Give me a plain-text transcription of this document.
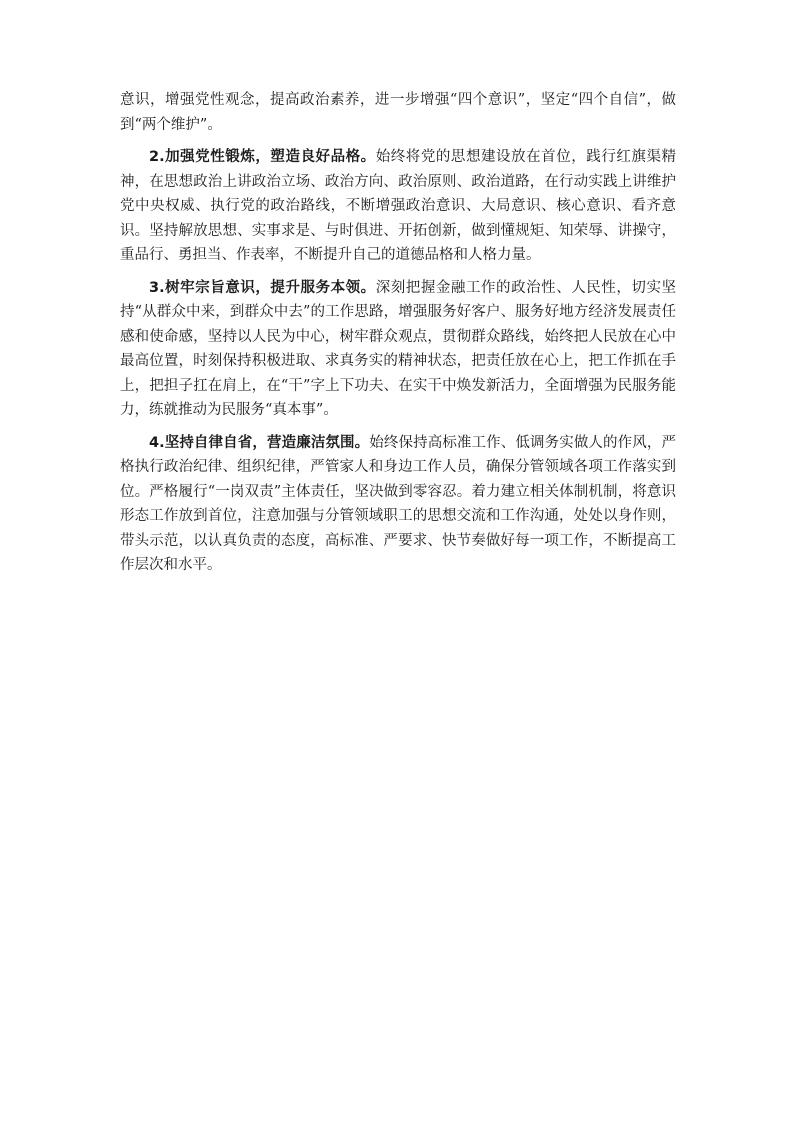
意识，增强党性观念，提高政治素养，进一步增强“四个意识”，坚定“四个自信”，做到“两个维护”。

2.加强党性锻炼，塑造良好品格。始终将党的思想建设放在首位，践行红旗渠精神，在思想政治上讲政治立场、政治方向、政治原则、政治道路，在行动实践上讲维护党中央权威、执行党的政治路线，不断增强政治意识、大局意识、核心意识、看齐意识。坚持解放思想、实事求是、与时俱进、开拓创新，做到懂规矩、知荣辱、讲操守，重品行、勇担当、作表率，不断提升自己的道德品格和人格力量。

3.树牢宗旨意识，提升服务本领。深刻把握金融工作的政治性、人民性，切实坚持“从群众中来，到群众中去”的工作思路，增强服务好客户、服务好地方经济发展责任感和使命感，坚持以人民为中心，树牢群众观点，贯彻群众路线，始终把人民放在心中最高位置，时刻保持积极进取、求真务实的精神状态，把责任放在心上，把工作抓在手上，把担子扛在肩上，在“干”字上下功夫、在实干中焕发新活力，全面增强为民服务能力，练就推动为民服务“真本事”。

4.坚持自律自省，营造廉洁氛围。始终保持高标准工作、低调务实做人的作风，严格执行政治纪律、组织纪律，严管家人和身边工作人员，确保分管领域各项工作落实到位。严格履行“一岗双责”主体责任，坚决做到零容忍。着力建立相关体制机制，将意识形态工作放到首位，注意加强与分管领域职工的思想交流和工作沟通，处处以身作则，带头示范，以认真负责的态度，高标准、严要求、快节奏做好每一项工作，不断提高工作层次和水平。
